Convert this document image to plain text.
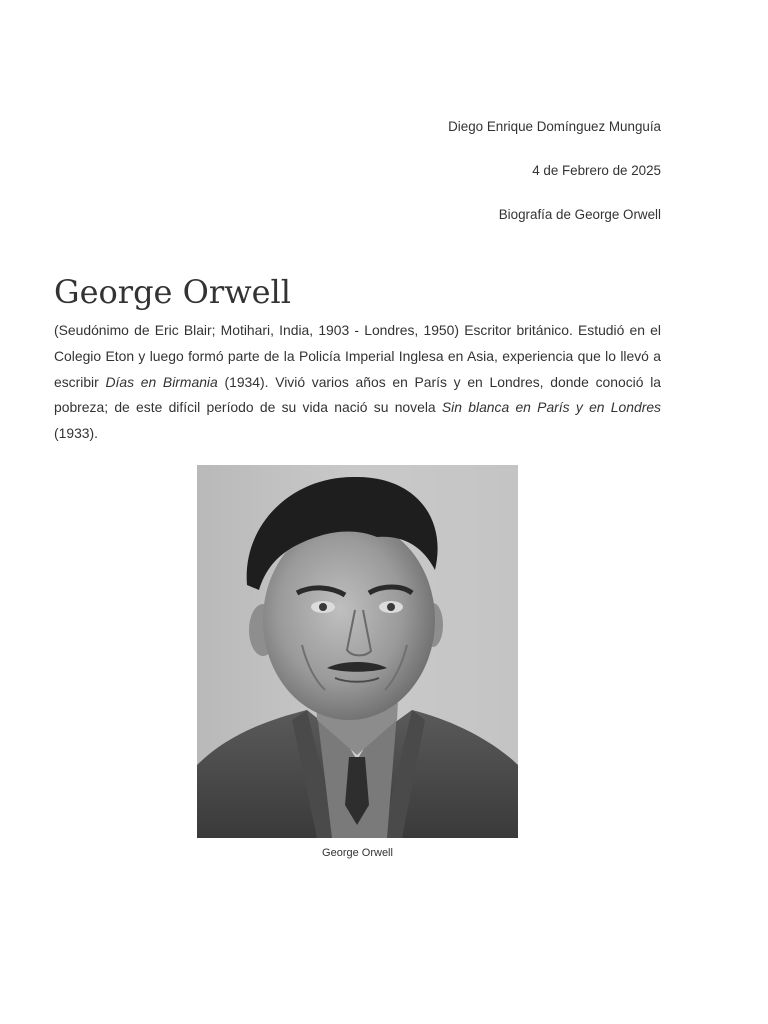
Diego Enrique Domínguez Munguía
4 de Febrero de 2025
Biografía de George Orwell
George Orwell

(Seudónimo de Eric Blair; Motihari, India, 1903 - Londres, 1950) Escritor británico. Estudió en el Colegio Eton y luego formó parte de la Policía Imperial Inglesa en Asia, experiencia que lo llevó a escribir Días en Birmania (1934). Vivió varios años en París y en Londres, donde conoció la pobreza; de este difícil período de su vida nació su novela Sin blanca en París y en Londres (1933).

George Orwell
